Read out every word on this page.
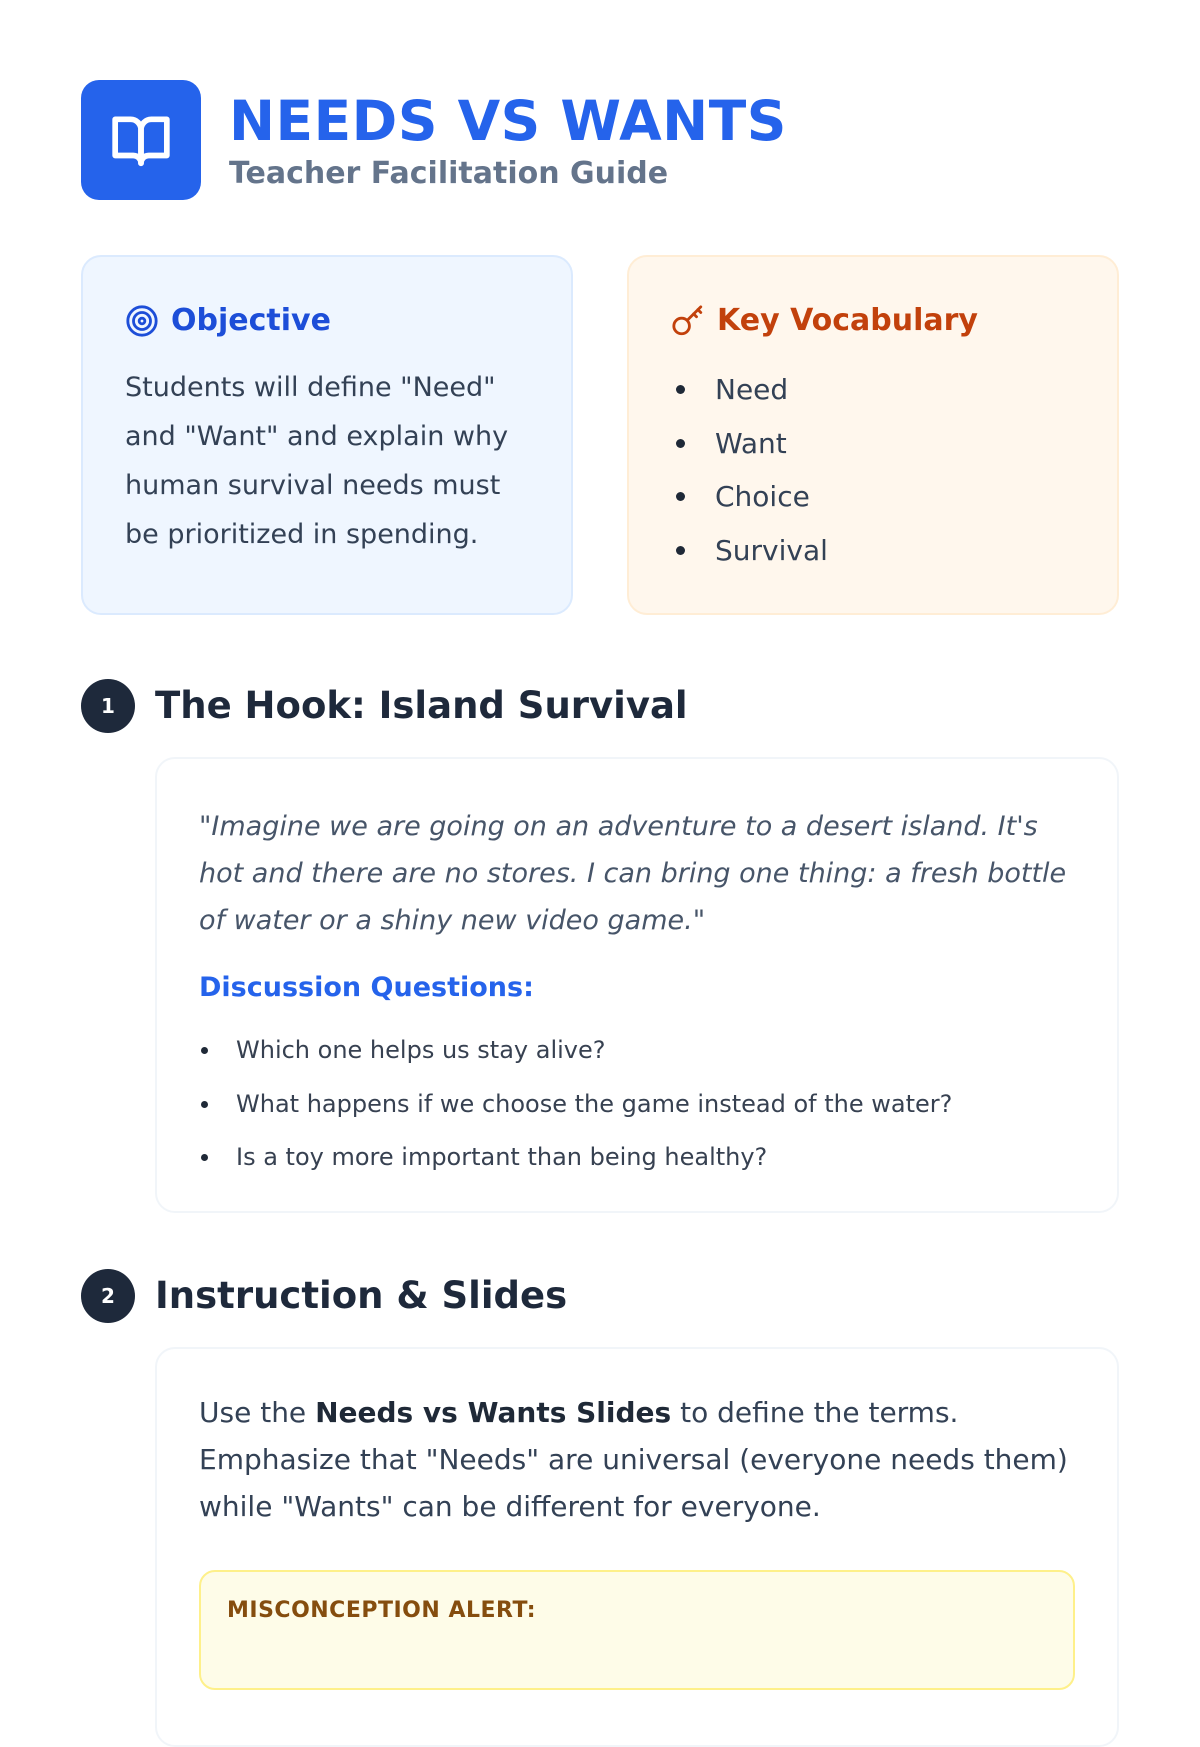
NEEDS VS WANTS
Teacher Facilitation Guide
Objective

Students will define "Need" and "Want" and explain why human survival needs must be prioritized in spending.

Key Vocabulary
Need
Want
Choice
Survival
1	The Hook: Island Survival

"Imagine we are going on an adventure to a desert island. It's hot and there are no stores. I can bring one thing: a fresh bottle of water or a shiny new video game."

Discussion Questions:
Which one helps us stay alive?
What happens if we choose the game instead of the water?
Is a toy more important than being healthy?
2	Instruction & Slides

Use the Needs vs Wants Slides to define the terms. Emphasize that "Needs" are universal (everyone needs them) while "Wants" can be different for everyone.

MISCONCEPTION ALERT:
